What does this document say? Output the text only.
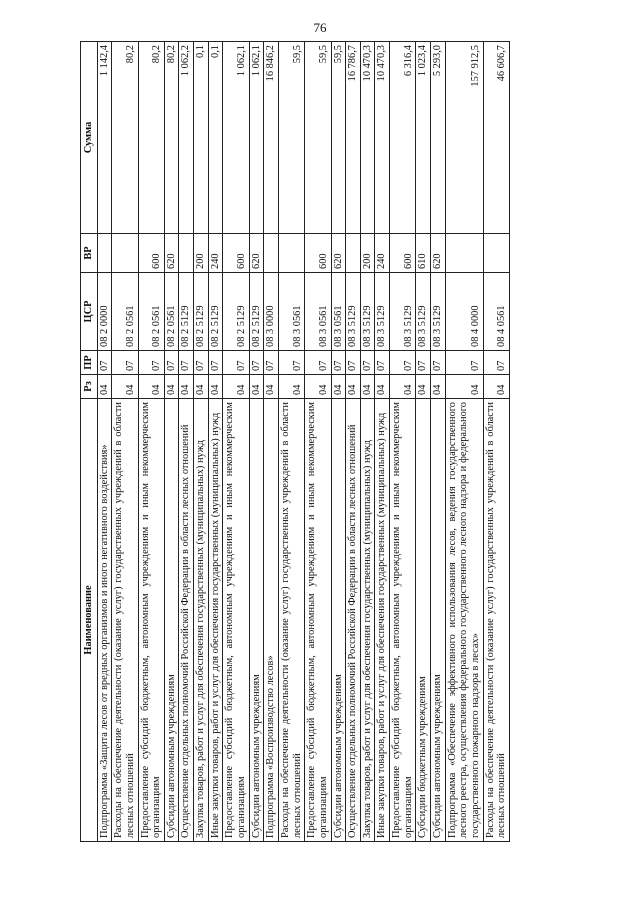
76
Наименование	Рз	ПР	ЦСР	ВР	Сумма
Подпрограмма «Защита лесов от вредных организмов и иного негативного воздействия»	04	07	08 2 0000		1 142,4
Расходы на обеспечение деятельности (оказание услуг) государственных учреждений в области лесных отношений	04	07	08 2 0561		80,2
Предоставление субсидий бюджетным, автономным учреждениям и иным некоммерческим организациям	04	07	08 2 0561	600	80,2
Субсидии автономным учреждениям	04	07	08 2 0561	620	80,2
Осуществление отдельных полномочий Российской Федерации в области лесных отношений	04	07	08 2 5129		1 062,2
Закупка товаров, работ и услуг для обеспечения государственных (муниципальных) нужд	04	07	08 2 5129	200	0,1
Иные закупки товаров, работ и услуг для обеспечения государственных (муниципальных) нужд	04	07	08 2 5129	240	0,1
Предоставление субсидий бюджетным, автономным учреждениям и иным некоммерческим организациям	04	07	08 2 5129	600	1 062,1
Субсидии автономным учреждениям	04	07	08 2 5129	620	1 062,1
Подпрограмма «Воспроизводство лесов»	04	07	08 3 0000		16 846,2
Расходы на обеспечение деятельности (оказание услуг) государственных учреждений в области лесных отношений	04	07	08 3 0561		59,5
Предоставление субсидий бюджетным, автономным учреждениям и иным некоммерческим организациям	04	07	08 3 0561	600	59,5
Субсидии автономным учреждениям	04	07	08 3 0561	620	59,5
Осуществление отдельных полномочий Российской Федерации в области лесных отношений	04	07	08 3 5129		16 786,7
Закупка товаров, работ и услуг для обеспечения государственных (муниципальных) нужд	04	07	08 3 5129	200	10 470,3
Иные закупки товаров, работ и услуг для обеспечения государственных (муниципальных) нужд	04	07	08 3 5129	240	10 470,3
Предоставление субсидий бюджетным, автономным учреждениям и иным некоммерческим организациям	04	07	08 3 5129	600	6 316,4
Субсидии бюджетным учреждениям	04	07	08 3 5129	610	1 023,4
Субсидии автономным учреждениям	04	07	08 3 5129	620	5 293,0
Подпрограмма «Обеспечение эффективного использования лесов, ведения государственного лесного реестра, осуществления федерального государственного лесного надзора и федерального государственного пожарного надзора в лесах»	04	07	08 4 0000		157 912,5
Расходы на обеспечение деятельности (оказание услуг) государственных учреждений в области лесных отношений	04	07	08 4 0561		46 606,7
